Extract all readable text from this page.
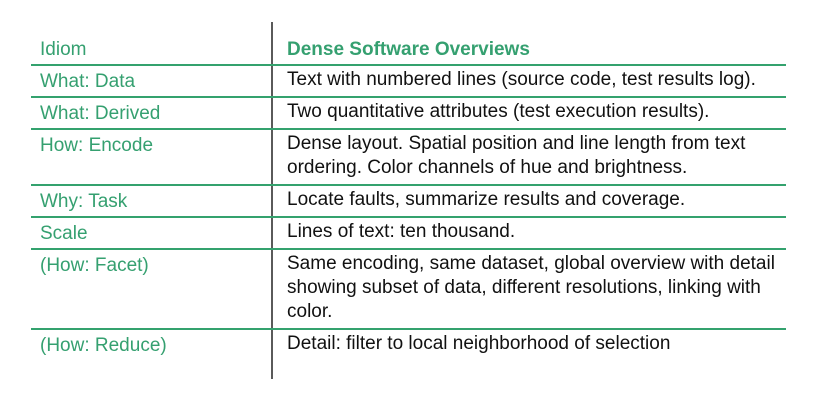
Idiom	Dense Software Overviews
What: Data	Text with numbered lines (source code, test results log).
What: Derived	Two quantitative attributes (test execution results).
How: Encode	Dense layout. Spatial position and line length from text ordering. Color channels of hue and brightness.
Why: Task	Locate faults, summarize results and coverage.
Scale	Lines of text: ten thousand.
(How: Facet)	Same encoding, same dataset, global overview with detail showing subset of data, different resolutions, linking with color.
(How: Reduce)	Detail: filter to local neighborhood of selection
